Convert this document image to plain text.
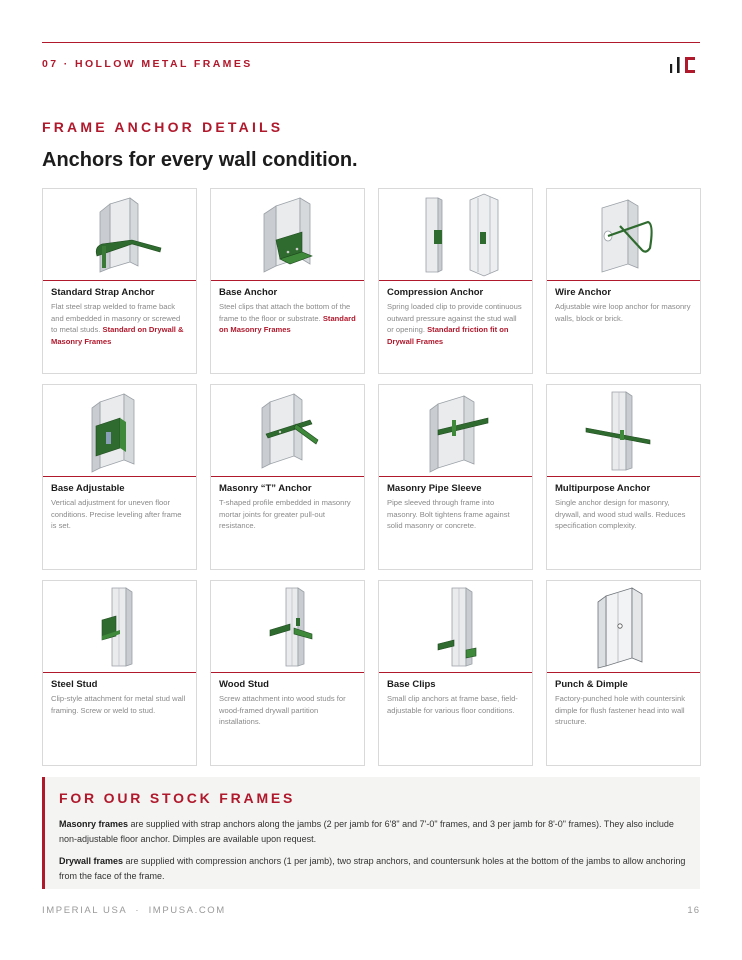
07 · HOLLOW METAL FRAMES
FRAME ANCHOR DETAILS
Anchors for every wall condition.
Standard Strap Anchor
Flat steel strap welded to frame back and embedded in masonry or screwed to metal studs. Standard on Drywall & Masonry Frames
Base Anchor
Steel clips that attach the bottom of the frame to the floor or substrate. Standard on Masonry Frames
Compression Anchor
Spring loaded clip to provide continuous outward pressure against the stud wall or opening. Standard friction fit on Drywall Frames
Wire Anchor
Adjustable wire loop anchor for masonry walls, block or brick.
Base Adjustable
Vertical adjustment for uneven floor conditions. Precise leveling after frame is set.
Masonry “T” Anchor
T-shaped profile embedded in masonry mortar joints for greater pull-out resistance.
Masonry Pipe Sleeve
Pipe sleeved through frame into masonry. Bolt tightens frame against solid masonry or concrete.
Multipurpose Anchor
Single anchor design for masonry, drywall, and wood stud walls. Reduces specification complexity.
Steel Stud
Clip-style attachment for metal stud wall framing. Screw or weld to stud.
Wood Stud
Screw attachment into wood studs for wood-framed drywall partition installations.
Base Clips
Small clip anchors at frame base, field-adjustable for various floor conditions.
Punch & Dimple
Factory-punched hole with countersink dimple for flush fastener head into wall structure.
FOR OUR STOCK FRAMES

Masonry frames are supplied with strap anchors along the jambs (2 per jamb for 6'8" and 7'-0" frames, and 3 per jamb for 8'-0" frames). They also include non-adjustable floor anchor. Dimples are available upon request.

Drywall frames are supplied with compression anchors (1 per jamb), two strap anchors, and countersunk holes at the bottom of the jambs to allow anchoring from the face of the frame.

IMPERIAL USA  ·  IMPUSA.COM	16
